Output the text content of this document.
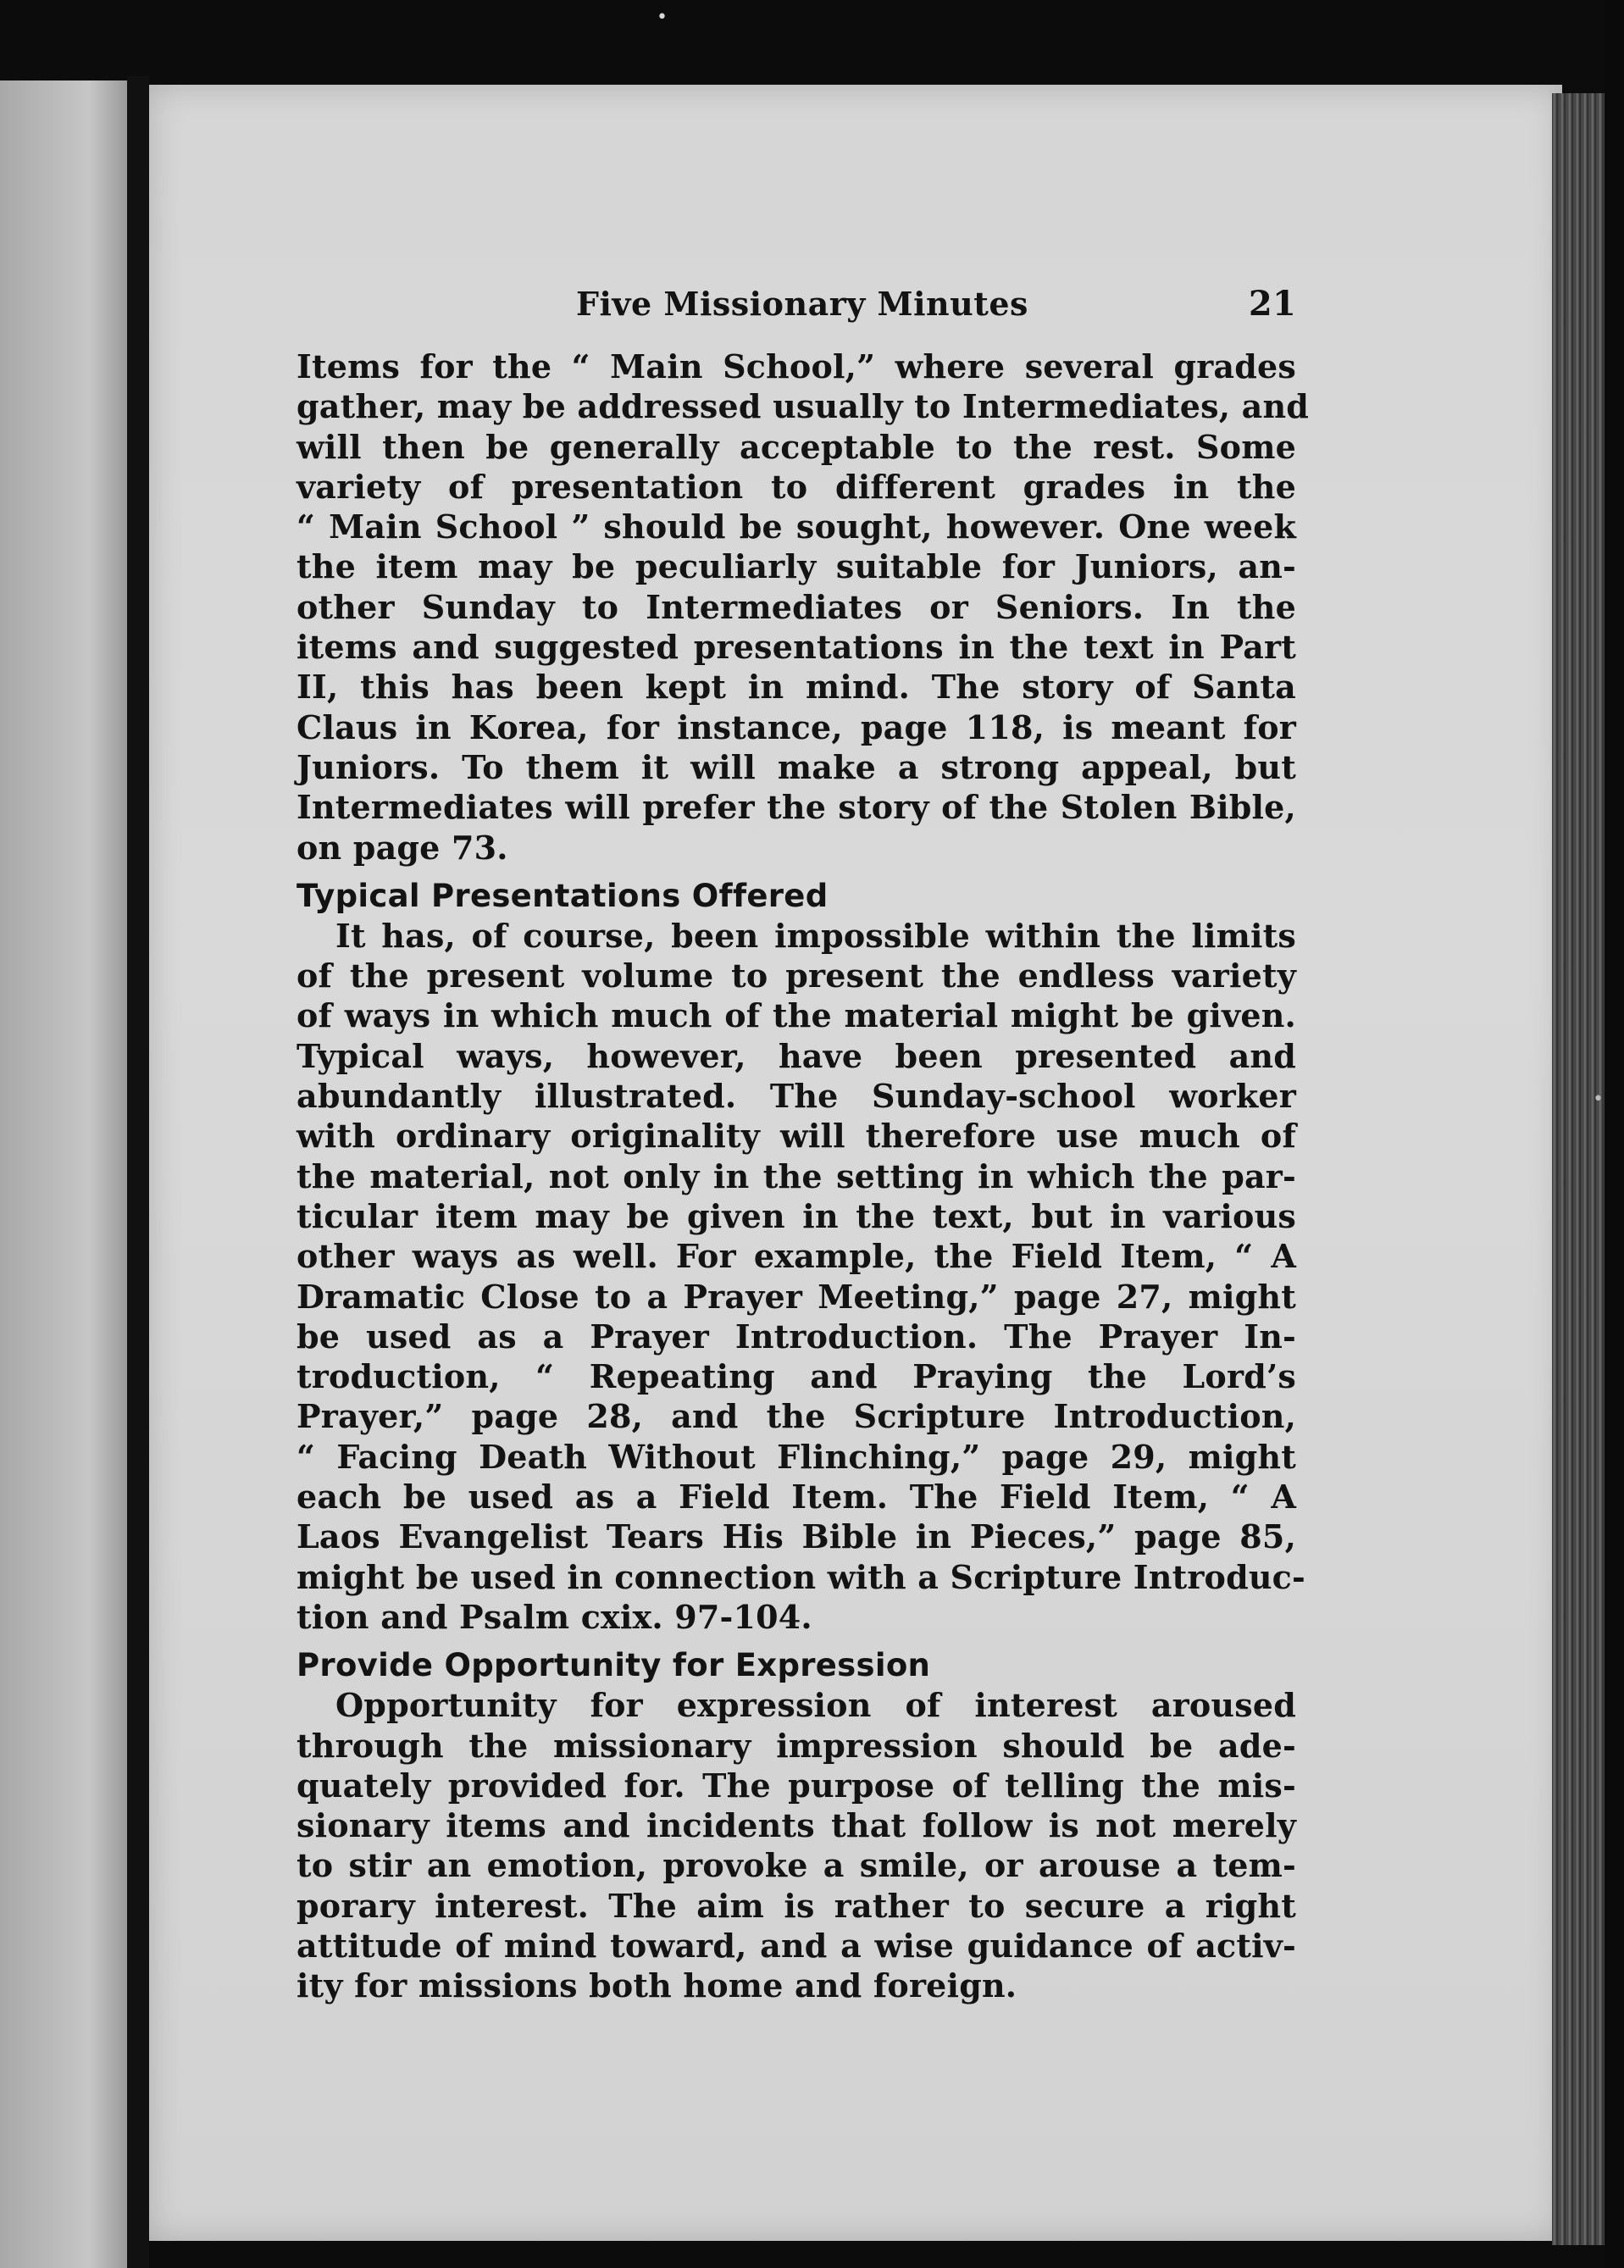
•
•
Five Missionary Minutes	21
Items for the “ Main School,” where several grades
gather, may be addressed usually to Intermediates, and
will then be generally acceptable to the rest. Some
variety of presentation to different grades in the
“ Main School ” should be sought, however. One week
the item may be peculiarly suitable for Juniors, an-
other Sunday to Intermediates or Seniors. In the
items and suggested presentations in the text in Part
II, this has been kept in mind. The story of Santa
Claus in Korea, for instance, page 118, is meant for
Juniors. To them it will make a strong appeal, but
Intermediates will prefer the story of the Stolen Bible,
on page 73.
Typical Presentations Offered
It has, of course, been impossible within the limits
of the present volume to present the endless variety
of ways in which much of the material might be given.
Typical ways, however, have been presented and
abundantly illustrated. The Sunday-school worker
with ordinary originality will therefore use much of
the material, not only in the setting in which the par-
ticular item may be given in the text, but in various
other ways as well. For example, the Field Item, “ A
Dramatic Close to a Prayer Meeting,” page 27, might
be used as a Prayer Introduction. The Prayer In-
troduction, “ Repeating and Praying the Lord’s
Prayer,” page 28, and the Scripture Introduction,
“ Facing Death Without Flinching,” page 29, might
each be used as a Field Item. The Field Item, “ A
Laos Evangelist Tears His Bible in Pieces,” page 85,
might be used in connection with a Scripture Introduc-
tion and Psalm cxix. 97-104.
Provide Opportunity for Expression
Opportunity for expression of interest aroused
through the missionary impression should be ade-
quately provided for. The purpose of telling the mis-
sionary items and incidents that follow is not merely
to stir an emotion, provoke a smile, or arouse a tem-
porary interest. The aim is rather to secure a right
attitude of mind toward, and a wise guidance of activ-
ity for missions both home and foreign.
